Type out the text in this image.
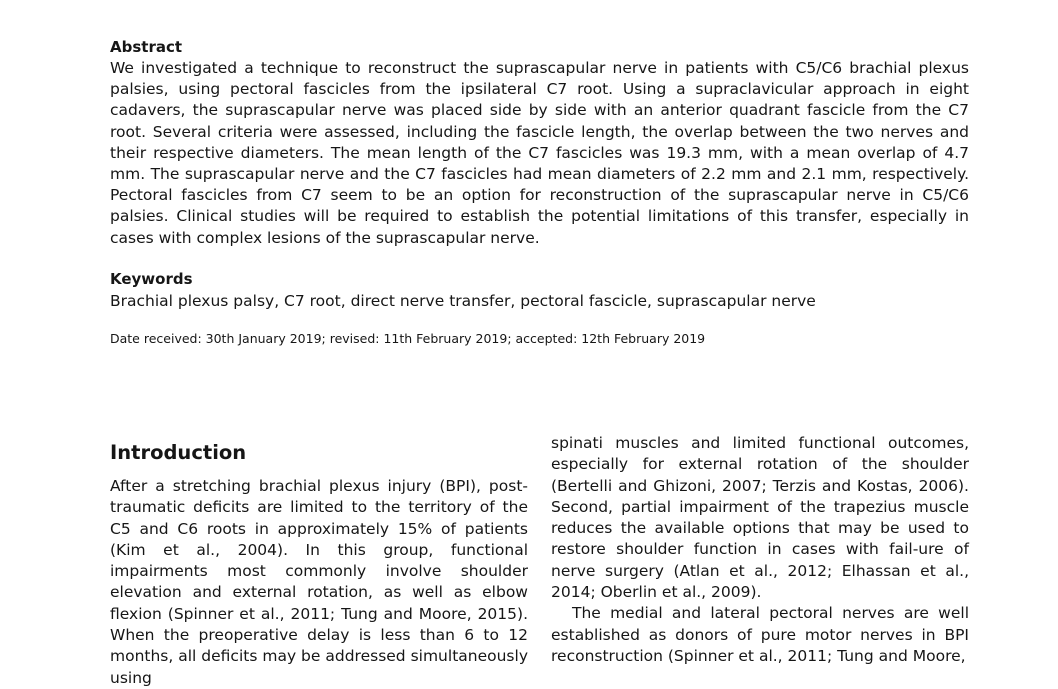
Abstract

We investigated a technique to reconstruct the suprascapular nerve in patients with C5/C6 brachial plexus palsies, using pectoral fascicles from the ipsilateral C7 root. Using a supraclavicular approach in eight cadavers, the suprascapular nerve was placed side by side with an anterior quadrant fascicle from the C7 root. Several criteria were assessed, including the fascicle length, the overlap between the two nerves and their respective diameters. The mean length of the C7 fascicles was 19.3 mm, with a mean overlap of 4.7 mm. The suprascapular nerve and the C7 fascicles had mean diameters of 2.2 mm and 2.1 mm, respectively. Pectoral fascicles from C7 seem to be an option for reconstruction of the suprascapular nerve in C5/C6 palsies. Clinical studies will be required to establish the potential limitations of this transfer, especially in cases with complex lesions of the suprascapular nerve.

Keywords

Brachial plexus palsy, C7 root, direct nerve transfer, pectoral fascicle, suprascapular nerve

Date received: 30th January 2019; revised: 11th February 2019; accepted: 12th February 2019

Introduction

After a stretching brachial plexus injury (BPI), post-traumatic deficits are limited to the territory of the C5 and C6 roots in approximately 15% of patients (Kim et al., 2004). In this group, functional impairments most commonly involve shoulder elevation and external rotation, as well as elbow flexion (Spinner et al., 2011; Tung and Moore, 2015). When the preoperative delay is less than 6 to 12 months, all deficits may be addressed simultaneously using

spinati muscles and limited functional outcomes, especially for external rotation of the shoulder (Bertelli and Ghizoni, 2007; Terzis and Kostas, 2006). Second, partial impairment of the trapezius muscle reduces the available options that may be used to restore shoulder function in cases with fail-ure of nerve surgery (Atlan et al., 2012; Elhassan et al., 2014; Oberlin et al., 2009).

The medial and lateral pectoral nerves are well established as donors of pure motor nerves in BPI reconstruction (Spinner et al., 2011; Tung and Moore,
